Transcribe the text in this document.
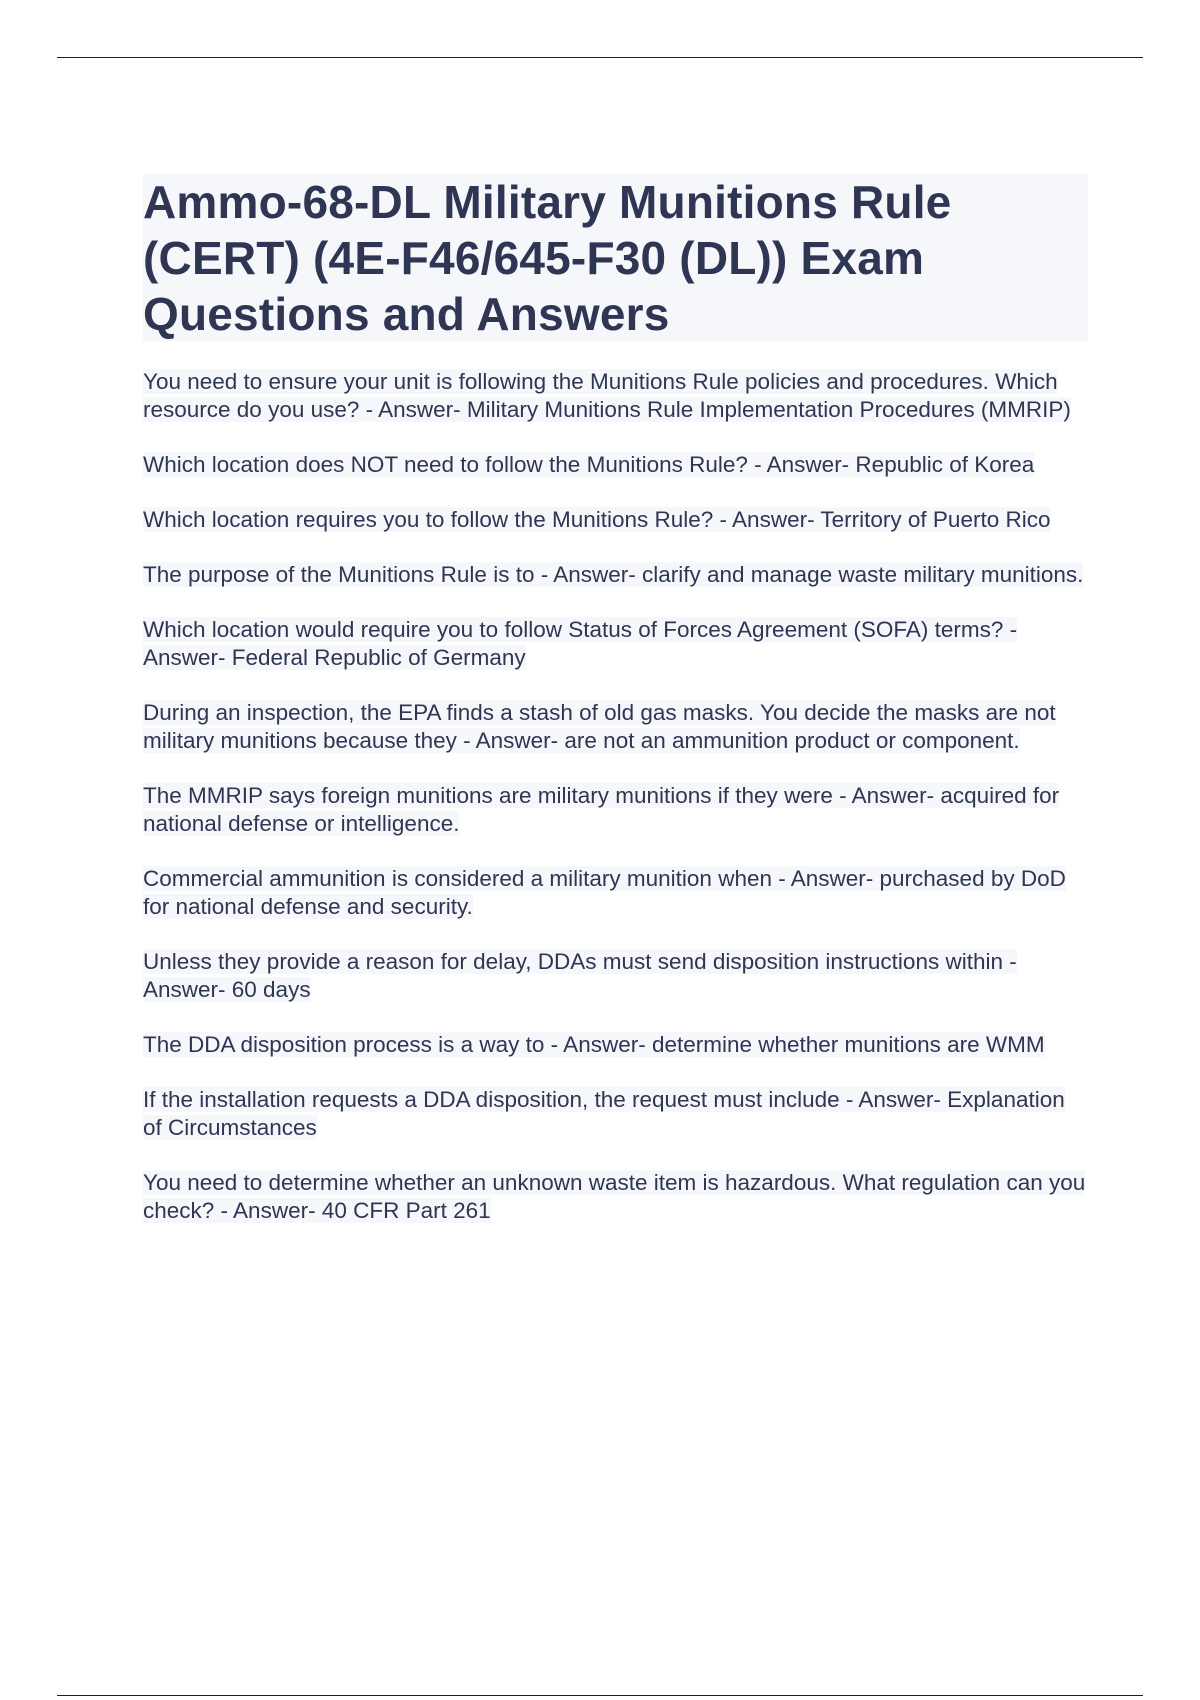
Ammo-68-DL Military Munitions Rule
(CERT) (4E-F46/645-F30 (DL)) Exam
Questions and Answers
You need to ensure your unit is following the Munitions Rule policies and procedures. Which resource do you use? - Answer- Military Munitions Rule Implementation Procedures (MMRIP)
Which location does NOT need to follow the Munitions Rule? - Answer- Republic of Korea
Which location requires you to follow the Munitions Rule? - Answer- Territory of Puerto Rico
The purpose of the Munitions Rule is to - Answer- clarify and manage waste military munitions.
Which location would require you to follow Status of Forces Agreement (SOFA) terms? - Answer- Federal Republic of Germany
During an inspection, the EPA finds a stash of old gas masks. You decide the masks are not military munitions because they - Answer- are not an ammunition product or component.
The MMRIP says foreign munitions are military munitions if they were - Answer- acquired for national defense or intelligence.
Commercial ammunition is considered a military munition when - Answer- purchased by DoD for national defense and security.
Unless they provide a reason for delay, DDAs must send disposition instructions within - Answer- 60 days
The DDA disposition process is a way to - Answer- determine whether munitions are WMM
If the installation requests a DDA disposition, the request must include - Answer- Explanation of Circumstances
You need to determine whether an unknown waste item is hazardous. What regulation can you check? - Answer- 40 CFR Part 261
